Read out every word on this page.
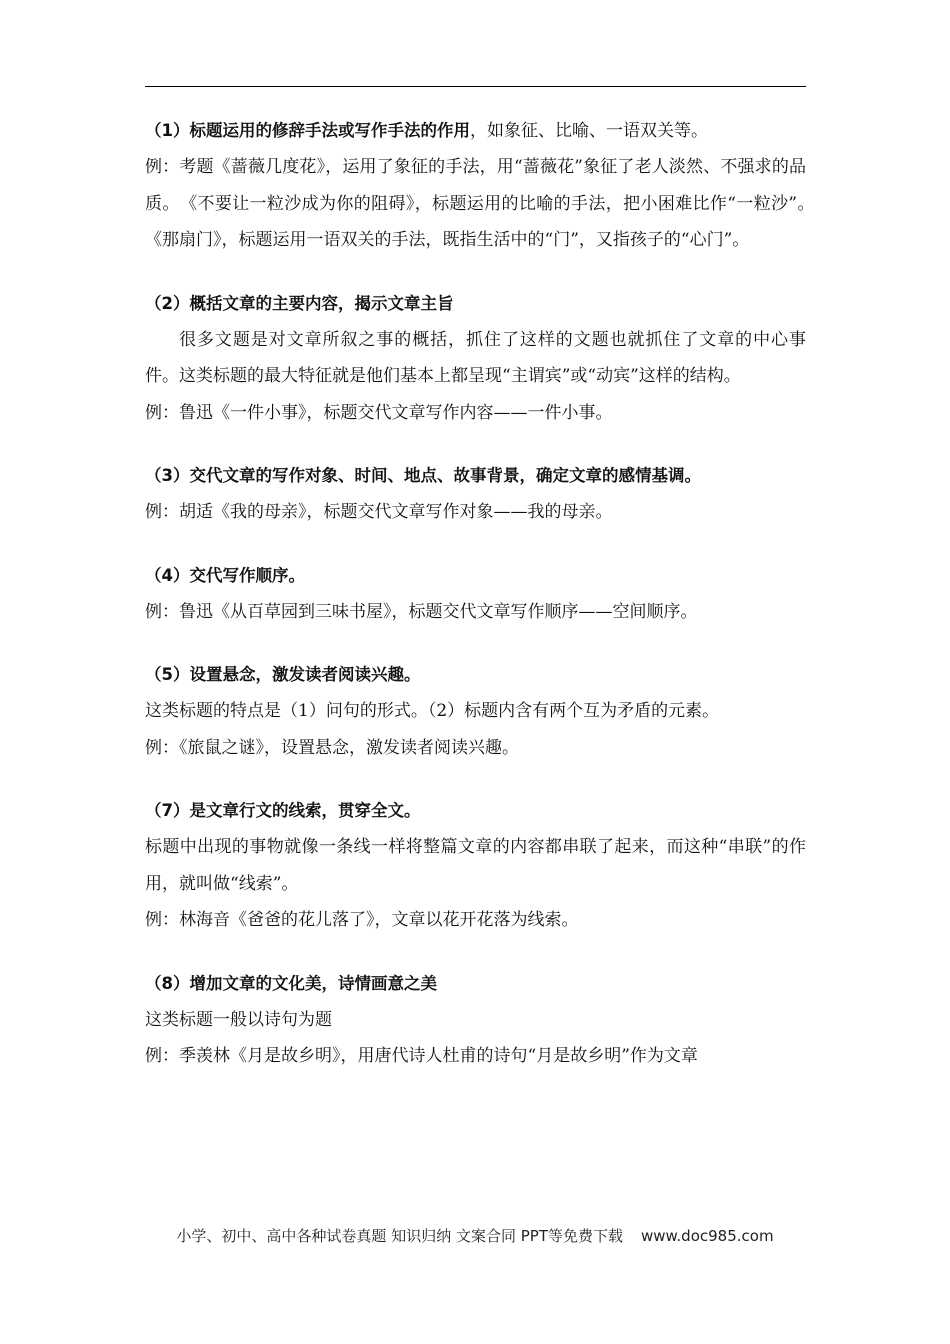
（1）标题运用的修辞手法或写作手法的作用，如象征、比喻、一语双关等。

例：考题《蔷薇几度花》，运用了象征的手法，用“蔷薇花”象征了老人淡然、不强求的品质。　《不要让一粒沙成为你的阻碍》，标题运用的比喻的手法，把小困难比作“一粒沙”。　《那扇门》，标题运用一语双关的手法，既指生活中的“门”，又指孩子的“心门”。

（2）概括文章的主要内容，揭示文章主旨

很多文题是对文章所叙之事的概括，抓住了这样的文题也就抓住了文章的中心事件。这类标题的最大特征就是他们基本上都呈现“主谓宾”或“动宾”这样的结构。

例：鲁迅《一件小事》，标题交代文章写作内容——一件小事。

（3）交代文章的写作对象、时间、地点、故事背景，确定文章的感情基调。

例：胡适《我的母亲》，标题交代文章写作对象——我的母亲。

（4）交代写作顺序。

例：鲁迅《从百草园到三味书屋》，标题交代文章写作顺序——空间顺序。

（5）设置悬念，激发读者阅读兴趣。

这类标题的特点是（1）问句的形式。（2）标题内含有两个互为矛盾的元素。

例：《旅鼠之谜》，设置悬念，激发读者阅读兴趣。

（7）是文章行文的线索，贯穿全文。

标题中出现的事物就像一条线一样将整篇文章的内容都串联了起来，而这种“串联”的作用，就叫做“线索”。

例：林海音《爸爸的花儿落了》，文章以花开花落为线索。

（8）增加文章的文化美，诗情画意之美

这类标题一般以诗句为题

例：季羡林《月是故乡明》，用唐代诗人杜甫的诗句“月是故乡明”作为文章

小学、初中、高中各种试卷真题 知识归纳 文案合同 PPT等免费下载 www.doc985.com
